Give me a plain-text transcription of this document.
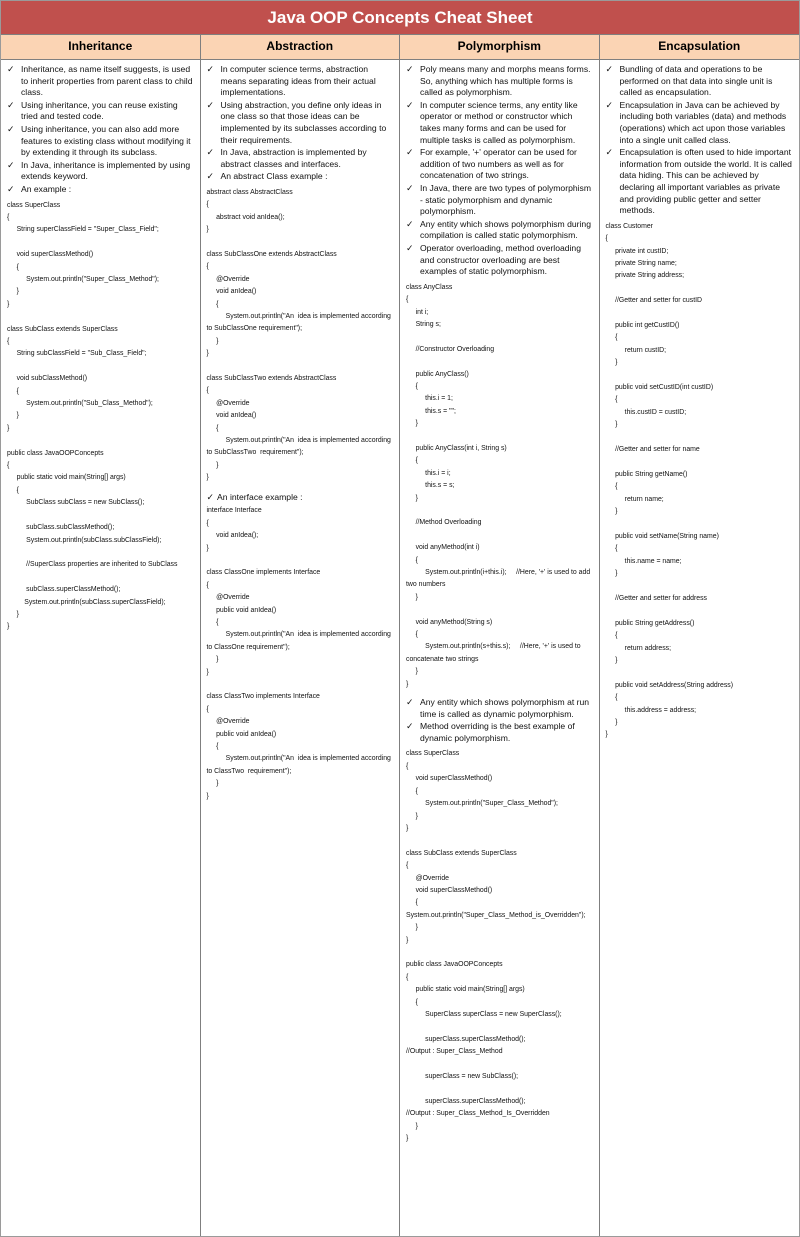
Java OOP Concepts Cheat Sheet
Inheritance
✓ Inheritance, as name itself suggests, is used to inherit properties from parent class to child class.
✓ Using inheritance, you can reuse existing tried and tested code.
✓ Using inheritance, you can also add more features to existing class without modifying it by extending it through its subclass.
✓ In Java, inheritance is implemented by using extends keyword.
✓ An example :
class SuperClass
{
String superClassField = "Super_Class_Field";

void superClassMethod()
{
System.out.println("Super_Class_Method");
}
}

class SubClass extends SuperClass
{
String subClassField = "Sub_Class_Field";

void subClassMethod()
{
System.out.println("Sub_Class_Method");
}
}

public class JavaOOPConcepts
{
public static void main(String[] args)
{
SubClass subClass = new SubClass();

subClass.subClassMethod();
System.out.println(subClass.subClassField);

//SuperClass properties are inherited to SubClass

subClass.superClassMethod();
System.out.println(subClass.superClassField);
}
}
Abstraction
✓ In computer science terms, abstraction means separating ideas from their actual implementations.
✓ Using abstraction, you define only ideas in one class so that those ideas can be implemented by its subclasses according to their requirements.
✓ In Java, abstraction is implemented by abstract classes and interfaces.
✓ An abstract Class example :
abstract class AbstractClass
{
abstract void anIdea();
}

class SubClassOne extends AbstractClass
{
@Override
void anIdea()
{
System.out.println("An  idea is implemented according to SubClassOne requirement");
}
}

class SubClassTwo extends AbstractClass
{
@Override
void anIdea()
{
System.out.println("An  idea is implemented according to SubClassTwo  requirement");
}
}
✓ An interface example :
interface Interface
{
void anIdea();
}

class ClassOne implements Interface
{
@Override
public void anIdea()
{
System.out.println("An  idea is implemented according to ClassOne requirement");
}
}

class ClassTwo implements Interface
{
@Override
public void anIdea()
{
System.out.println("An  idea is implemented according to ClassTwo  requirement");
}
}
Polymorphism
✓ Poly means many and morphs means forms. So, anything which has multiple forms is called as polymorphism.
✓ In computer science terms, any entity like operator or method or constructor which takes many forms and can be used for multiple tasks is called as polymorphism.
✓ For example, '+' operator can be used for addition of two numbers as well as for concatenation of two strings.
✓ In Java, there are two types of polymorphism - static polymorphism and dynamic polymorphism.
✓ Any entity which shows polymorphism during compilation is called static polymorphism.
✓ Operator overloading, method overloading and constructor overloading are best examples of static polymorphism.
class AnyClass
{
int i;
String s;

//Constructor Overloading

public AnyClass()
{
this.i = 1;
this.s = "";
}

public AnyClass(int i, String s)
{
this.i = i;
this.s = s;
}

//Method Overloading

void anyMethod(int i)
{
System.out.println(i+this.i);     //Here, '+' is used to add two numbers
}

void anyMethod(String s)
{
System.out.println(s+this.s);     //Here, '+' is used to concatenate two strings
}
}
✓ Any entity which shows polymorphism at run time is called as dynamic polymorphism.
✓ Method overriding is the best example of dynamic polymorphism.
class SuperClass
{
void superClassMethod()
{
System.out.println("Super_Class_Method");
}
}

class SubClass extends SuperClass
{
@Override
void superClassMethod()
{
System.out.println("Super_Class_Method_is_Overridden");
}
}

public class JavaOOPConcepts
{
public static void main(String[] args)
{
SuperClass superClass = new SuperClass();

superClass.superClassMethod();
//Output : Super_Class_Method

superClass = new SubClass();

superClass.superClassMethod();
//Output : Super_Class_Method_Is_Overridden
}
}
Encapsulation
✓ Bundling of data and operations to be performed on that data into single unit is called as encapsulation.
✓ Encapsulation in Java can be achieved by including both variables (data) and methods (operations) which act upon those variables into a single unit called class.
✓ Encapsulation is often used to hide important information from outside the world. It is called data hiding. This can be achieved by declaring all important variables as private and providing public getter and setter methods.
class Customer
{
private int custID;
private String name;
private String address;

//Getter and setter for custID

public int getCustID()
{
return custID;
}

public void setCustID(int custID)
{
this.custID = custID;
}

//Getter and setter for name

public String getName()
{
return name;
}

public void setName(String name)
{
this.name = name;
}

//Getter and setter for address

public String getAddress()
{
return address;
}

public void setAddress(String address)
{
this.address = address;
}
}
